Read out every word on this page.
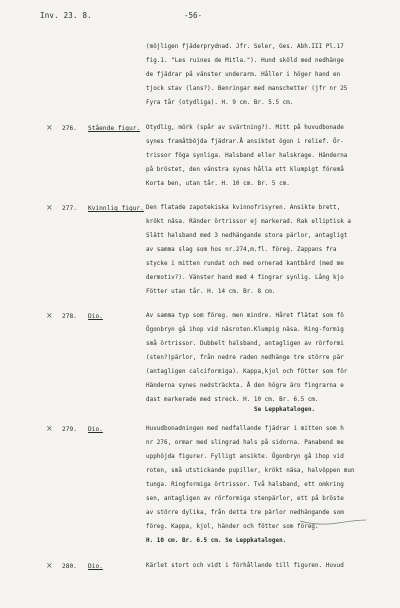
Inv. 23. 8.	-56-
(möjligen fjäderprydnad. Jfr. Seler, Ges. Abh.III Pl.17
fig.1. "Les ruines de Mitla."). Hund sköld med nedhänge
de fjädrar på vänster underarm. Håller i höger hand en
tjock stav (lans?). Benringar med manschetter (jfr nr 25
Fyra tår (otydliga). H. 9 cm. Br. 5.5 cm.
× 276. Stående figur. Otydlig, mörk (spår av svärtning?). Mitt på huvudbonade
synes framåtböjda fjädrar.Å ansiktet ögon i relief. Ör-
trissor föga synliga. Halsband eller halskrage. Händerna
på bröstet, den vänstra synes hålla ett klumpigt föremå
Korta ben, utan tår. H. 10 cm. Br. 5 cm.
× 277. Kvinnlig figur. Den flatade zapotekiska kvinnofrisyren. Ansikte brett,
krökt näsa. Ränder örtrissor ej markerad. Rak elliptisk a
Slätt halsband med 3 nedhängande stora pärlor, antagligt
av samma slag som hos nr.274,m.fl. föreg. Zappans fra
stycke i mitten rundat och med ornerad kantbård (med me
dermotiv?). Vänster hand med 4 fingrar synlig. Lång kjo
Fötter utan tår. H. 14 cm. Br. 8 cm.
× 278. Dio.	Av samma typ som föreg. men mindre. Håret flätat som fö
Ögonbryn gå ihop vid näsroten.Klumpig näsa. Ring-formig
små örtrissor. Dubbelt halsband, antagligen av rörformi
(sten?)pärlor, från nedre raden nedhänge tre större pär
(antagligen calciformiga). Kappa,kjol och fötter som för
Händerna synes nedsträckta. Å den högra äro fingrarna e
dast markerade med streck. H. 10 cm. Br. 6.5 cm.
Se Leppkatalogen.
× 279. Dio.	Huvudbonadningen med nedfallande fjädrar i mitten som h
nr 276, ormar med slingrad hals på sidorna. Panabend me
upphöjda figurer. Fylligt ansikte. Ögonbryn gå ihop vid
roten, små utstickande pupiller, krökt näsa, halvöppen mun
tunga. Ringformiga örtrissor. Två halsband, ett omkring
sen, antagligen av rörformiga stenpärlor, ett på bröste
av större dylika, från detta tre pärlor nedhängande som
föreg. Kappa, kjol, händer och fötter som föreg.
H. 10 cm. Br. 6.5 cm. Se Leppkatalogen.
× 280. Dio.	Kärlet stort och vidt i förhållande till figuren. Huvud
